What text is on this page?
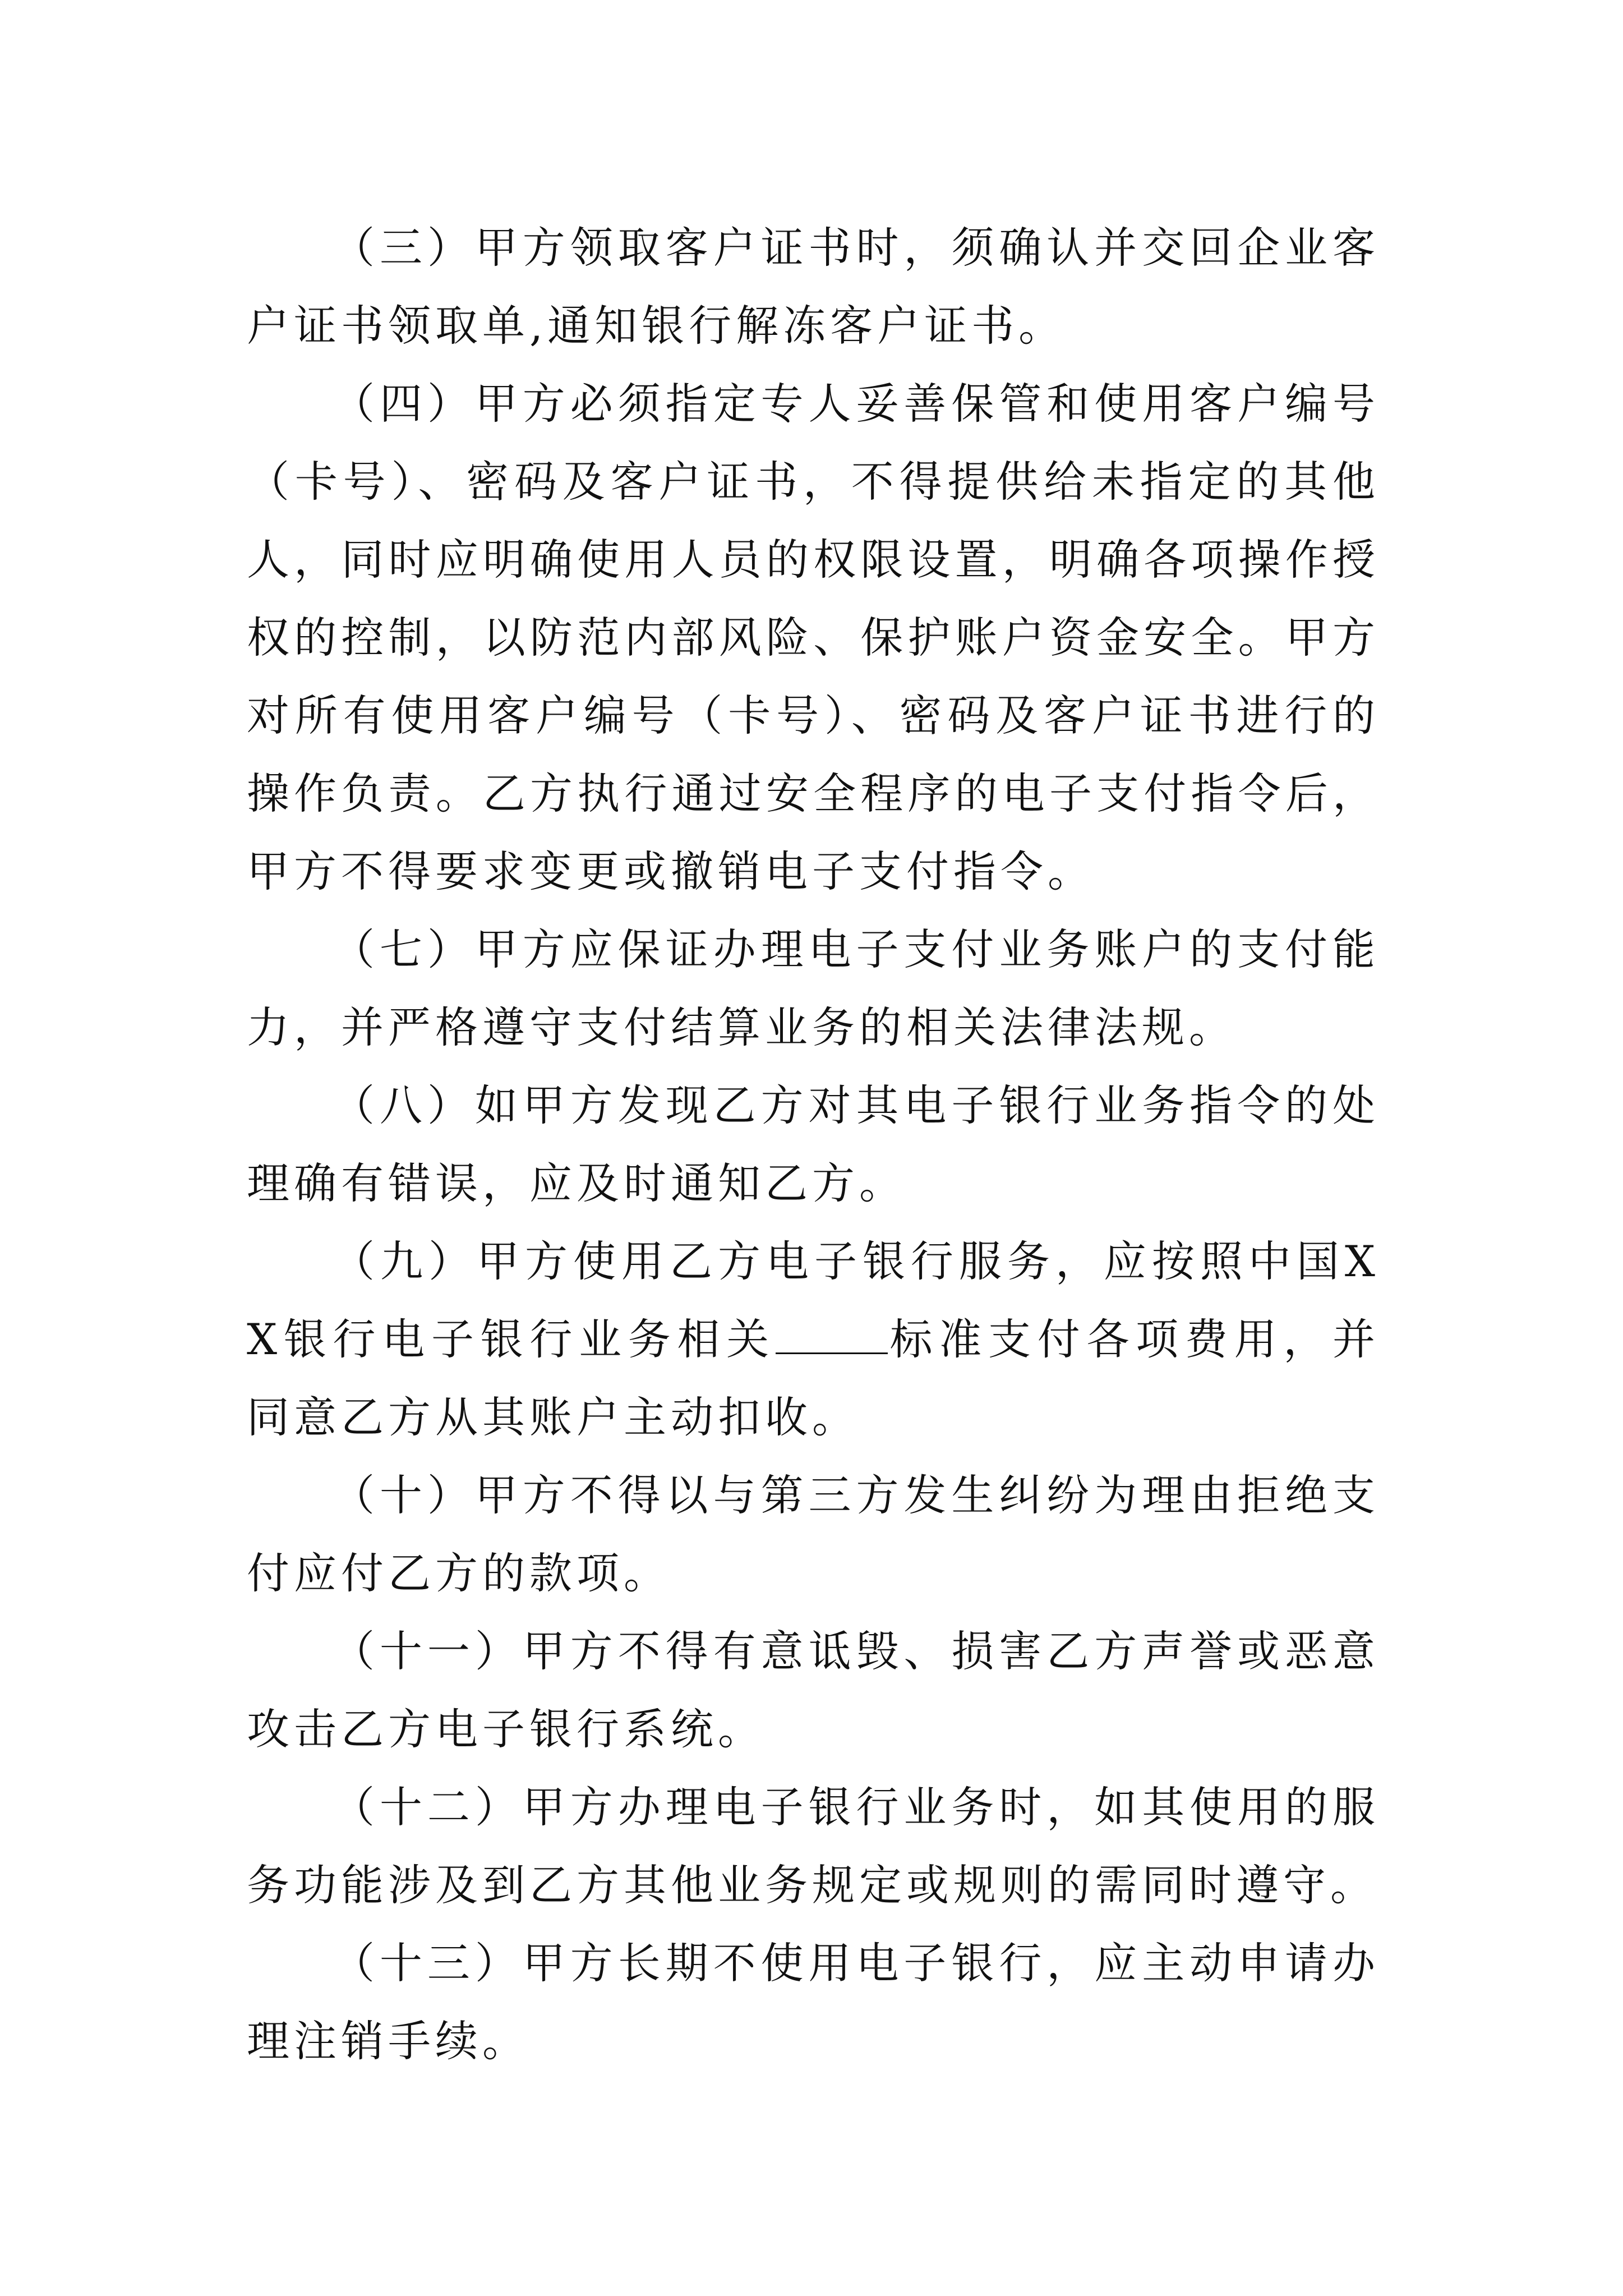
（三）甲方领取客户证书时，须确认并交回企业客户证书领取单,通知银行解冻客户证书。

（四）甲方必须指定专人妥善保管和使用客户编号（卡号）、密码及客户证书，不得提供给未指定的其他人，同时应明确使用人员的权限设置，明确各项操作授权的控制，以防范内部风险、保护账户资金安全。甲方对所有使用客户编号（卡号）、密码及客户证书进行的操作负责。乙方执行通过安全程序的电子支付指令后，甲方不得要求变更或撤销电子支付指令。

（七）甲方应保证办理电子支付业务账户的支付能力，并严格遵守支付结算业务的相关法律法规。

（八）如甲方发现乙方对其电子银行业务指令的处理确有错误，应及时通知乙方。

（九）甲方使用乙方电子银行服务，应按照中国XX银行电子银行业务相关	标准支付各项费用，并同意乙方从其账户主动扣收。

（十）甲方不得以与第三方发生纠纷为理由拒绝支付应付乙方的款项。

（十一）甲方不得有意诋毁、损害乙方声誉或恶意攻击乙方电子银行系统。

（十二）甲方办理电子银行业务时，如其使用的服务功能涉及到乙方其他业务规定或规则的需同时遵守。

（十三）甲方长期不使用电子银行，应主动申请办理注销手续。
